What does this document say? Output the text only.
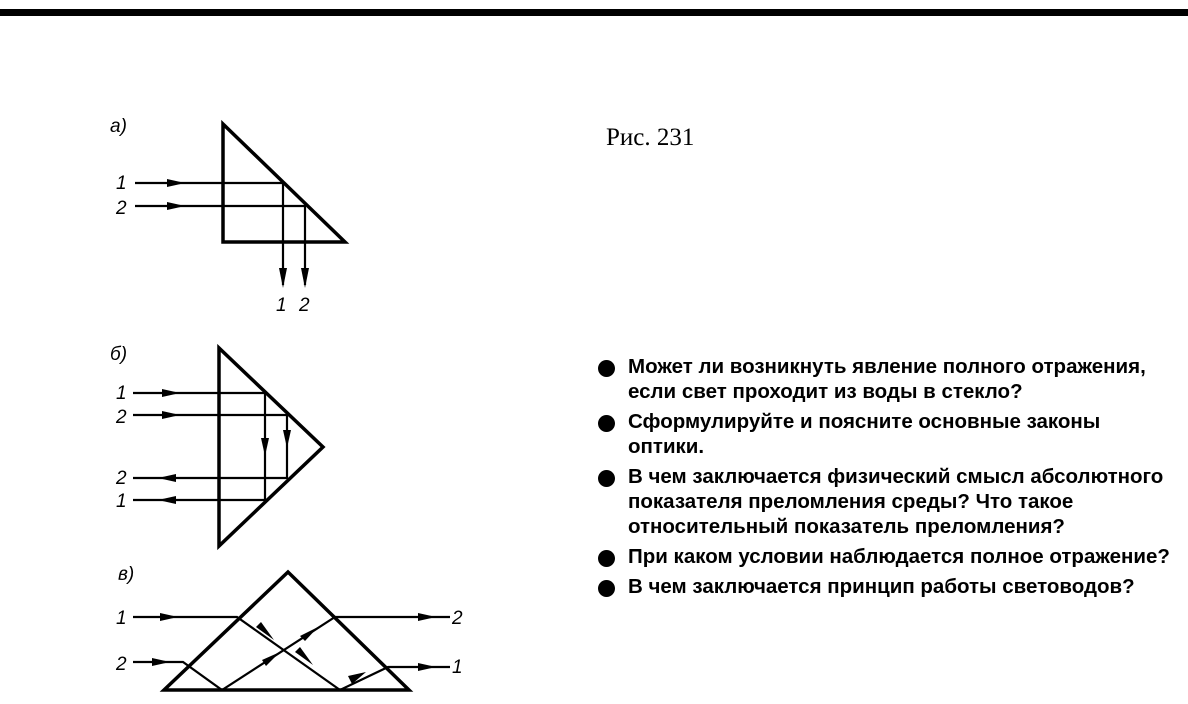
а)
1
2
1 2
б)
1
2
2
1
в)
1
2
2
1

Рис. 231

Может ли возникнуть явление полного отражения, если свет проходит из воды в стекло?
Сформулируйте и поясните основные законы оптики.
В чем заключается физический смысл абсолютного показателя преломления среды? Что такое относительный показатель преломления?
При каком условии наблюдается полное отражение?
В чем заключается принцип работы световодов?
